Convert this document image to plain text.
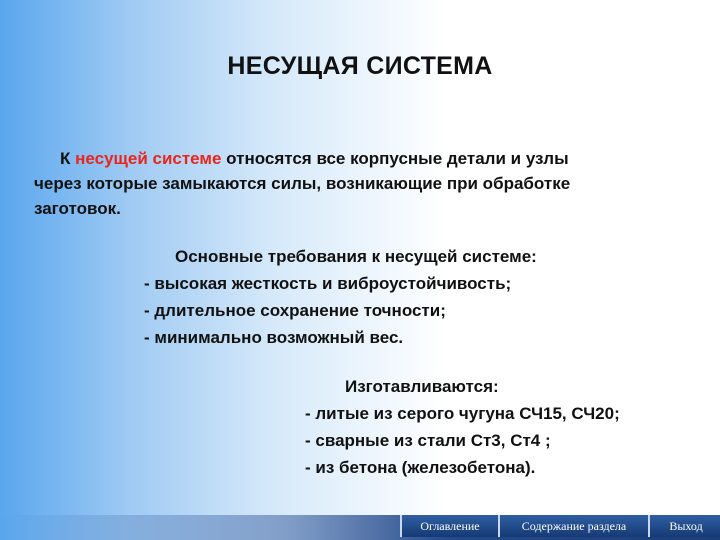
НЕСУЩАЯ СИСТЕМА
К несущей системе относятся все корпусные детали и узлы
через которые замыкаются силы, возникающие при обработке
заготовок.
Основные требования к несущей системе:
- высокая жесткость и виброустойчивость;
- длительное сохранение точности;
- минимально возможный вес.
Изготавливаются:
- литые из серого чугуна СЧ15, СЧ20;
- сварные из стали Ст3, Ст4 ;
- из бетона (железобетона).
Оглавление	Содержание раздела	Выход
